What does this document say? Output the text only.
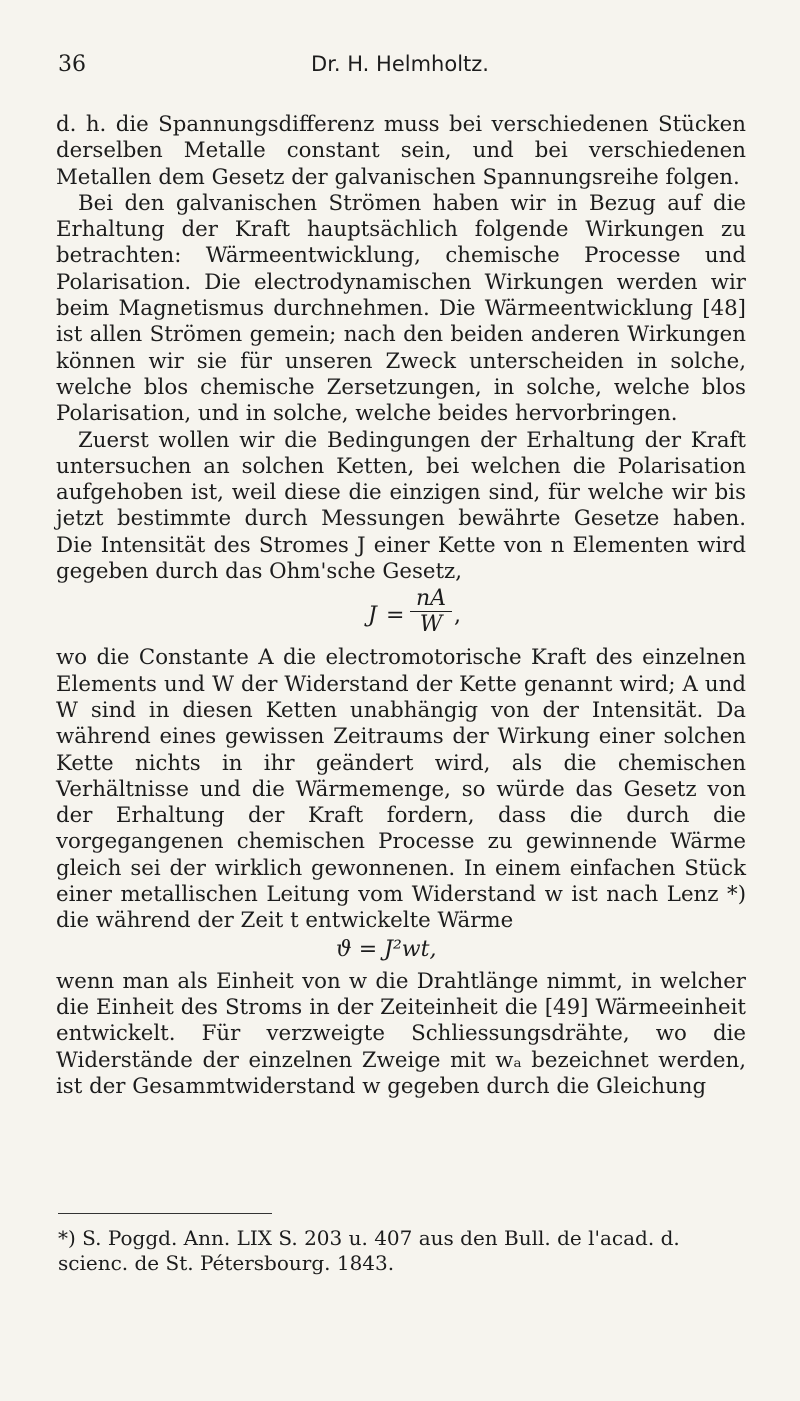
36	Dr. H. Helmholtz.

d. h. die Spannungsdifferenz muss bei verschiedenen Stücken derselben Metalle constant sein, und bei verschiedenen Metallen dem Gesetz der galvanischen Spannungsreihe folgen.

Bei den galvanischen Strömen haben wir in Bezug auf die Erhaltung der Kraft hauptsächlich folgende Wirkungen zu betrachten: Wärmeentwicklung, chemische Processe und Polarisation. Die electrodynamischen Wirkungen werden wir beim Magnetismus durchnehmen. Die Wärmeentwicklung [48] ist allen Strömen gemein; nach den beiden anderen Wirkungen können wir sie für unseren Zweck unterscheiden in solche, welche blos chemische Zersetzungen, in solche, welche blos Polarisation, und in solche, welche beides hervorbringen.

Zuerst wollen wir die Bedingungen der Erhaltung der Kraft untersuchen an solchen Ketten, bei welchen die Polarisation aufgehoben ist, weil diese die einzigen sind, für welche wir bis jetzt bestimmte durch Messungen bewährte Gesetze haben. Die Intensität des Stromes J einer Kette von n Elementen wird gegeben durch das Ohm'sche Gesetz,

$J = \frac{nA}{W}$ ,

wo die Constante A die electromotorische Kraft des einzelnen Elements und W der Widerstand der Kette genannt wird; A und W sind in diesen Ketten unabhängig von der Intensität. Da während eines gewissen Zeitraums der Wirkung einer solchen Kette nichts in ihr geändert wird, als die chemischen Verhältnisse und die Wärmemenge, so würde das Gesetz von der Erhaltung der Kraft fordern, dass die durch die vorgegangenen chemischen Processe zu gewinnende Wärme gleich sei der wirklich gewonnenen. In einem einfachen Stück einer metallischen Leitung vom Widerstand w ist nach Lenz *) die während der Zeit t entwickelte Wärme

ϑ = J²wt,

wenn man als Einheit von w die Drahtlänge nimmt, in welcher die Einheit des Stroms in der Zeiteinheit die [49] Wärmeeinheit entwickelt. Für verzweigte Schliessungsdrähte, wo die Widerstände der einzelnen Zweige mit wₐ bezeichnet werden, ist der Gesammtwiderstand w gegeben durch die Gleichung

*) S. Poggd. Ann. LIX S. 203 u. 407 aus den Bull. de l'acad. d. scienc. de St. Pétersbourg. 1843.
